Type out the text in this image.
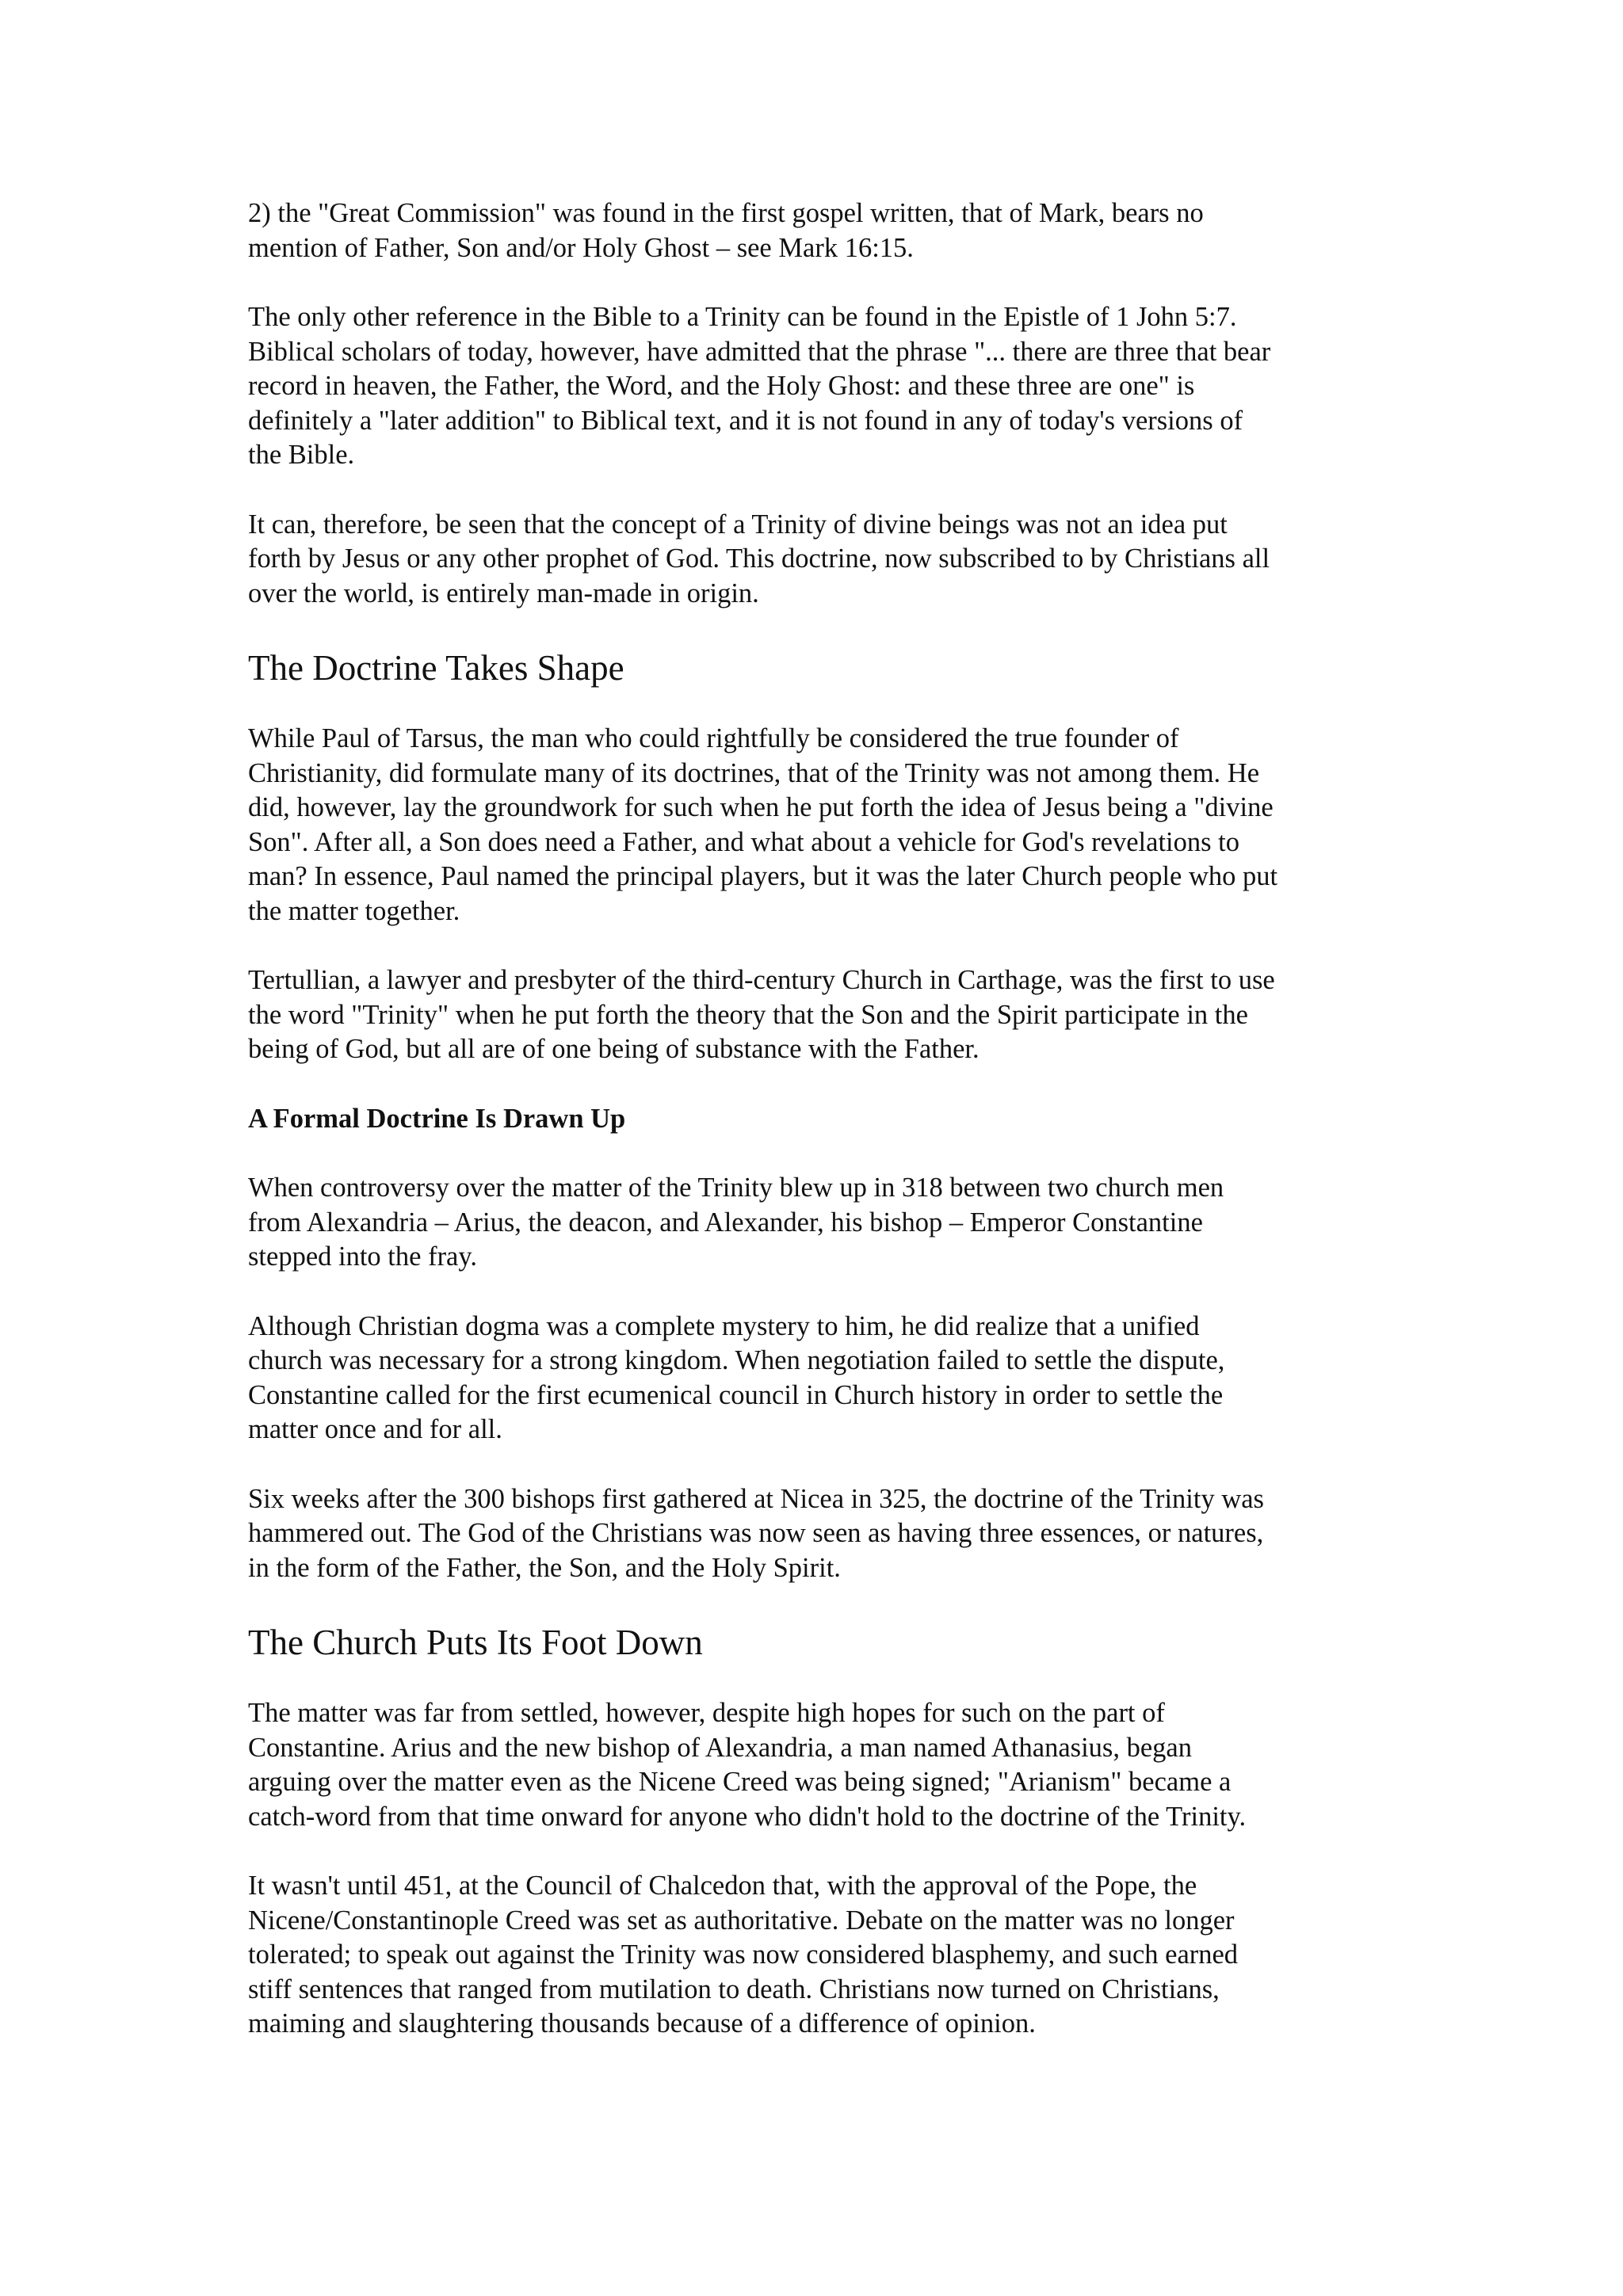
2) the "Great Commission" was found in the first gospel written, that of Mark, bears no
mention of Father, Son and/or Holy Ghost – see Mark 16:15.

The only other reference in the Bible to a Trinity can be found in the Epistle of 1 John 5:7.
Biblical scholars of today, however, have admitted that the phrase "... there are three that bear
record in heaven, the Father, the Word, and the Holy Ghost: and these three are one" is
definitely a "later addition" to Biblical text, and it is not found in any of today's versions of
the Bible.

It can, therefore, be seen that the concept of a Trinity of divine beings was not an idea put
forth by Jesus or any other prophet of God. This doctrine, now subscribed to by Christians all
over the world, is entirely man-made in origin.

The Doctrine Takes Shape

While Paul of Tarsus, the man who could rightfully be considered the true founder of
Christianity, did formulate many of its doctrines, that of the Trinity was not among them. He
did, however, lay the groundwork for such when he put forth the idea of Jesus being a "divine
Son". After all, a Son does need a Father, and what about a vehicle for God's revelations to
man? In essence, Paul named the principal players, but it was the later Church people who put
the matter together.

Tertullian, a lawyer and presbyter of the third-century Church in Carthage, was the first to use
the word "Trinity" when he put forth the theory that the Son and the Spirit participate in the
being of God, but all are of one being of substance with the Father.

A Formal Doctrine Is Drawn Up

When controversy over the matter of the Trinity blew up in 318 between two church men
from Alexandria – Arius, the deacon, and Alexander, his bishop – Emperor Constantine
stepped into the fray.

Although Christian dogma was a complete mystery to him, he did realize that a unified
church was necessary for a strong kingdom. When negotiation failed to settle the dispute,
Constantine called for the first ecumenical council in Church history in order to settle the
matter once and for all.

Six weeks after the 300 bishops first gathered at Nicea in 325, the doctrine of the Trinity was
hammered out. The God of the Christians was now seen as having three essences, or natures,
in the form of the Father, the Son, and the Holy Spirit.

The Church Puts Its Foot Down

The matter was far from settled, however, despite high hopes for such on the part of
Constantine. Arius and the new bishop of Alexandria, a man named Athanasius, began
arguing over the matter even as the Nicene Creed was being signed; "Arianism" became a
catch-word from that time onward for anyone who didn't hold to the doctrine of the Trinity.

It wasn't until 451, at the Council of Chalcedon that, with the approval of the Pope, the
Nicene/Constantinople Creed was set as authoritative. Debate on the matter was no longer
tolerated; to speak out against the Trinity was now considered blasphemy, and such earned
stiff sentences that ranged from mutilation to death. Christians now turned on Christians,
maiming and slaughtering thousands because of a difference of opinion.
